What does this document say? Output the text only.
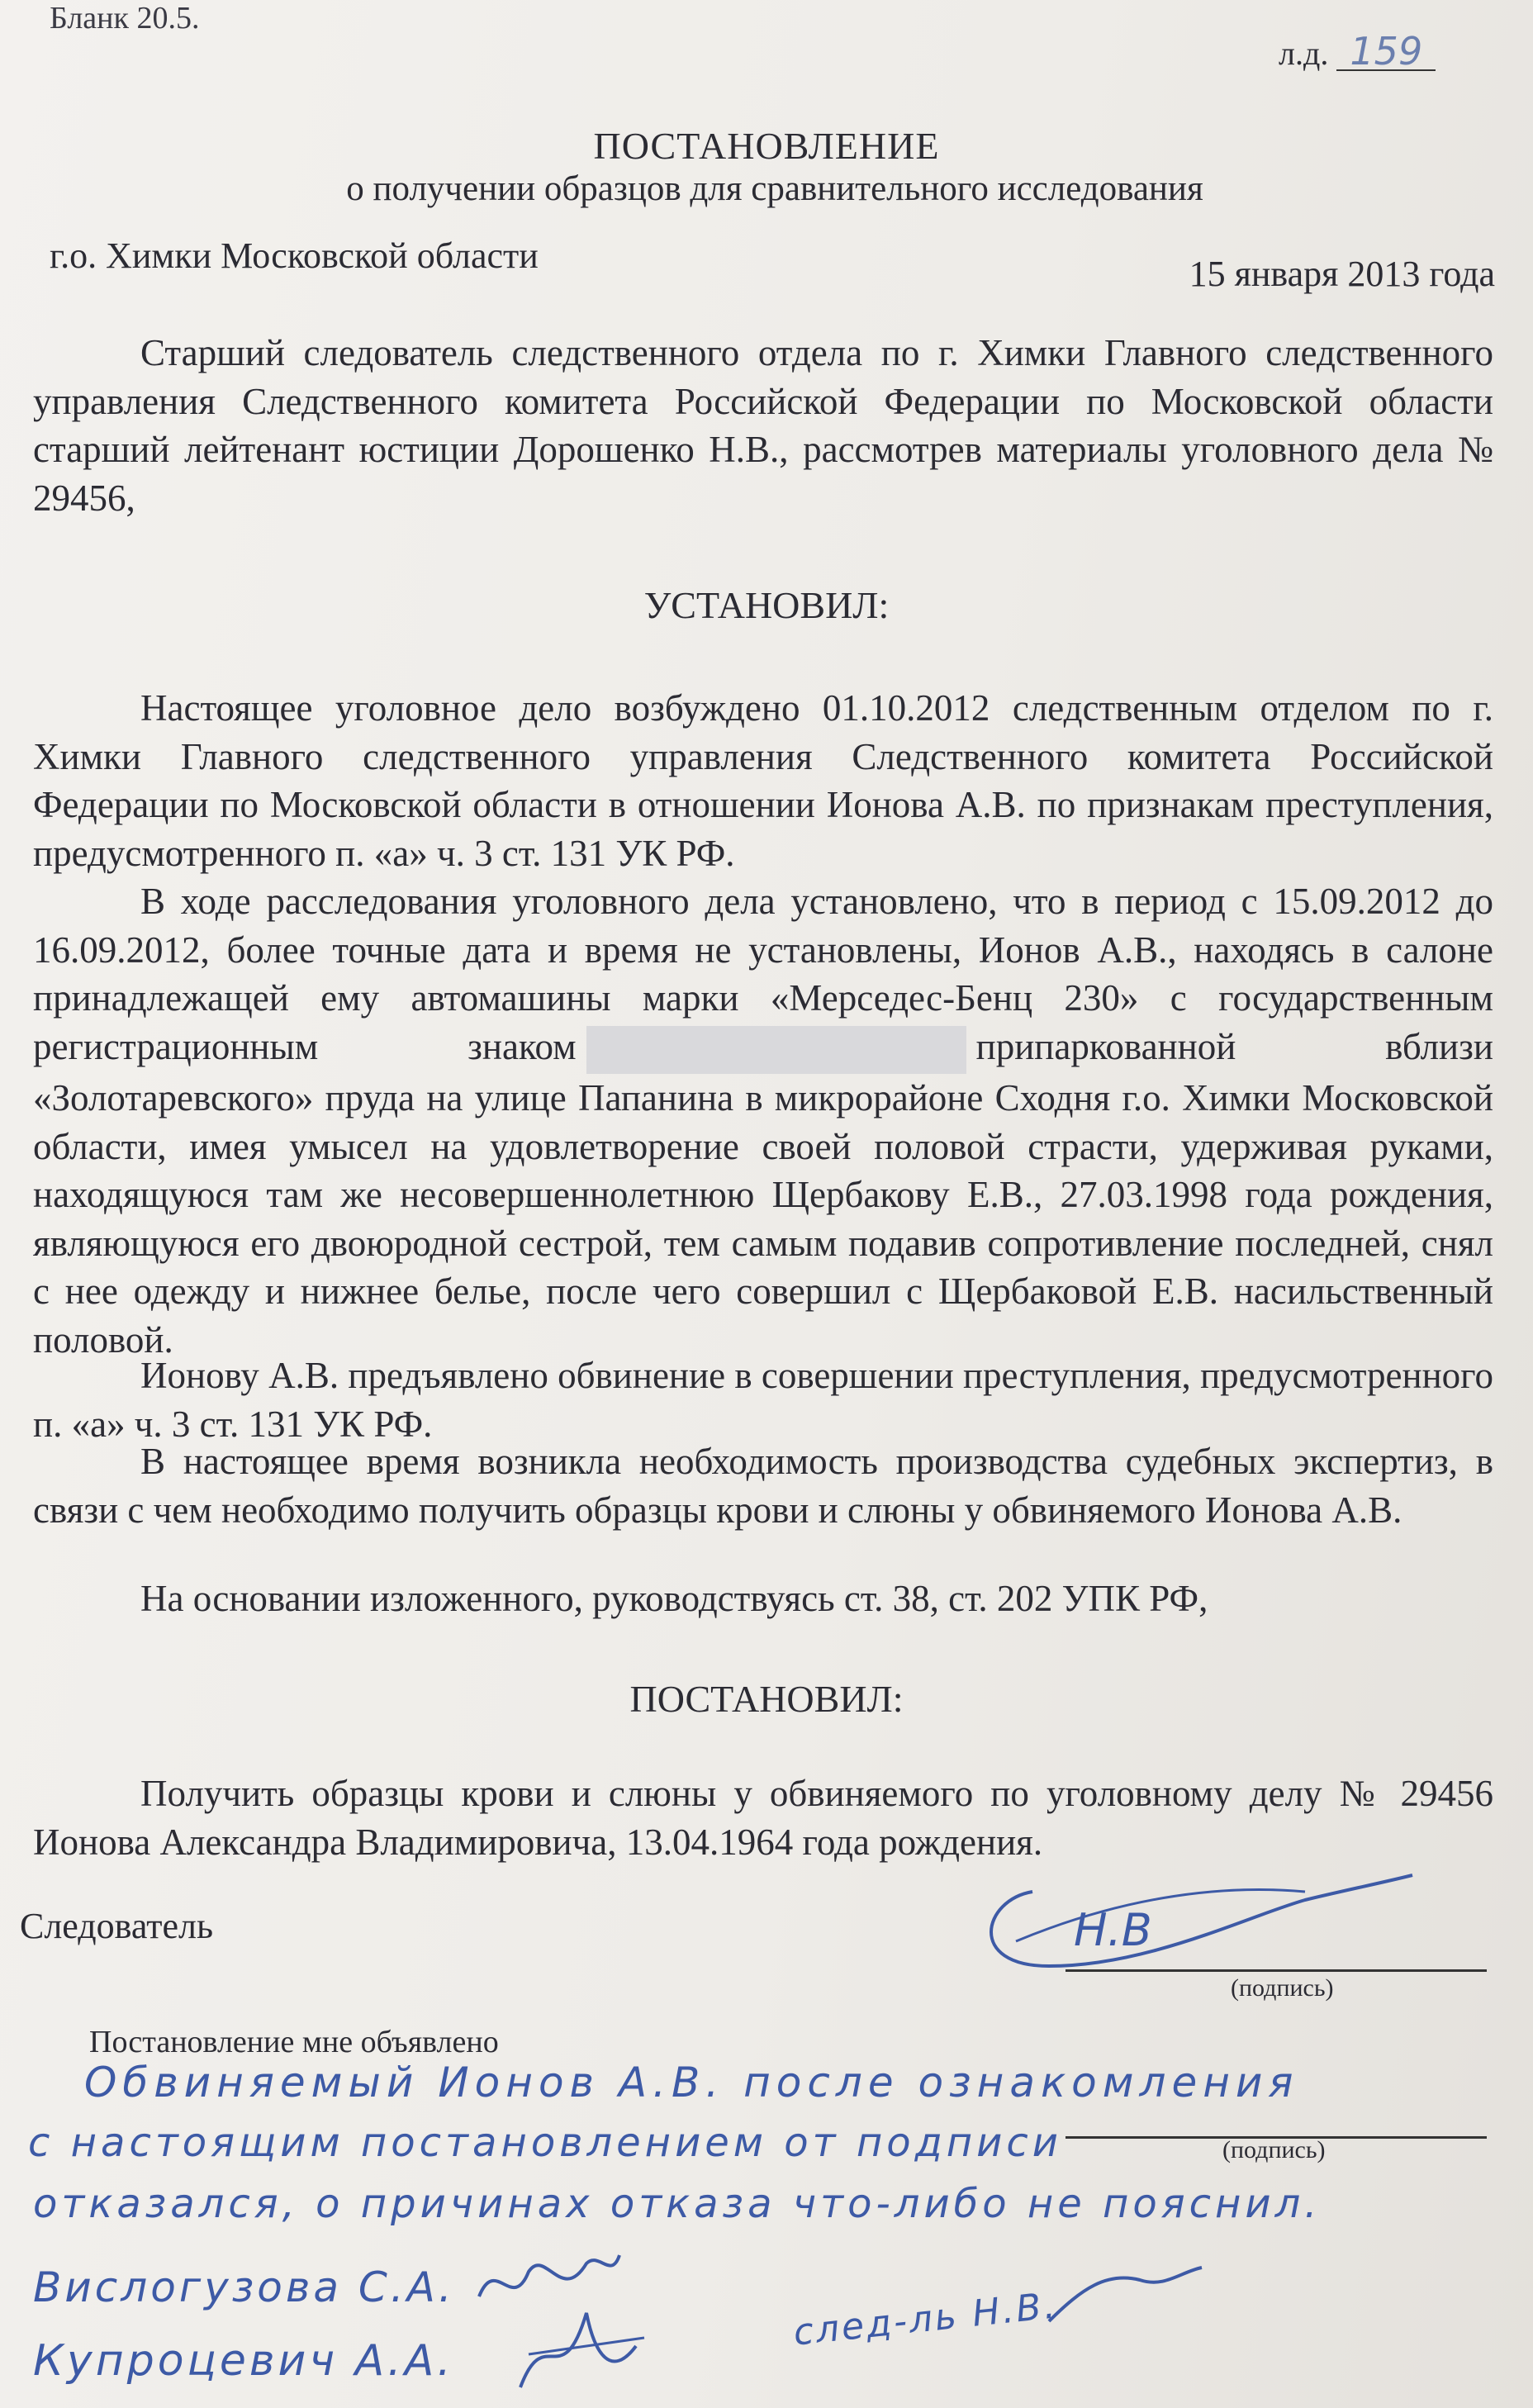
Бланк 20.5.
л.д. 159
ПОСТАНОВЛЕНИЕ
о получении образцов для сравнительного исследования
г.о. Химки Московской области	15 января 2013 года

Старший следователь следственного отдела по г. Химки Главного следственного управления Следственного комитета Российской Федерации по Московской области старший лейтенант юстиции Дорошенко Н.В., рассмотрев материалы уголовного дела № 29456,

УСТАНОВИЛ:

Настоящее уголовное дело возбуждено 01.10.2012 следственным отделом по г. Химки Главного следственного управления Следственного комитета Российской Федерации по Московской области в отношении Ионова А.В. по признакам преступления, предусмотренного п. «а» ч. 3 ст. 131 УК РФ.

В ходе расследования уголовного дела установлено, что в период с 15.09.2012 до 16.09.2012, более точные дата и время не установлены, Ионов А.В., находясь в салоне принадлежащей ему автомашины марки «Мерседес-Бенц 230» с государственным регистрационным знаком	припаркованной вблизи «Золотаревского» пруда на улице Папанина в микрорайоне Сходня г.о. Химки Московской области, имея умысел на удовлетворение своей половой страсти, удерживая руками, находящуюся там же несовершеннолетнюю Щербакову Е.В., 27.03.1998 года рождения, являющуюся его двоюродной сестрой, тем самым подавив сопротивление последней, снял с нее одежду и нижнее белье, после чего совершил с Щербаковой Е.В. насильственный половой.

Ионову А.В. предъявлено обвинение в совершении преступления, предусмотренного п. «а» ч. 3 ст. 131 УК РФ.

В настоящее время возникла необходимость производства судебных экспертиз, в связи с чем необходимо получить образцы крови и слюны у обвиняемого Ионова А.В.

На основании изложенного, руководствуясь ст. 38, ст. 202 УПК РФ,

ПОСТАНОВИЛ:

Получить образцы крови и слюны у обвиняемого по уголовному делу № 29456 Ионова Александра Владимировича, 13.04.1964 года рождения.

Следователь	Н.В
(подпись)
Постановление мне объявлено
(подпись)
Обвиняемый Ионов А.В. после ознакомления
с настоящим постановлением от подписи
отказался, о причинах отказа что-либо не пояснил.
Вислогузова С.А.
Купроцевич А.А.
след-ль Н.В.
